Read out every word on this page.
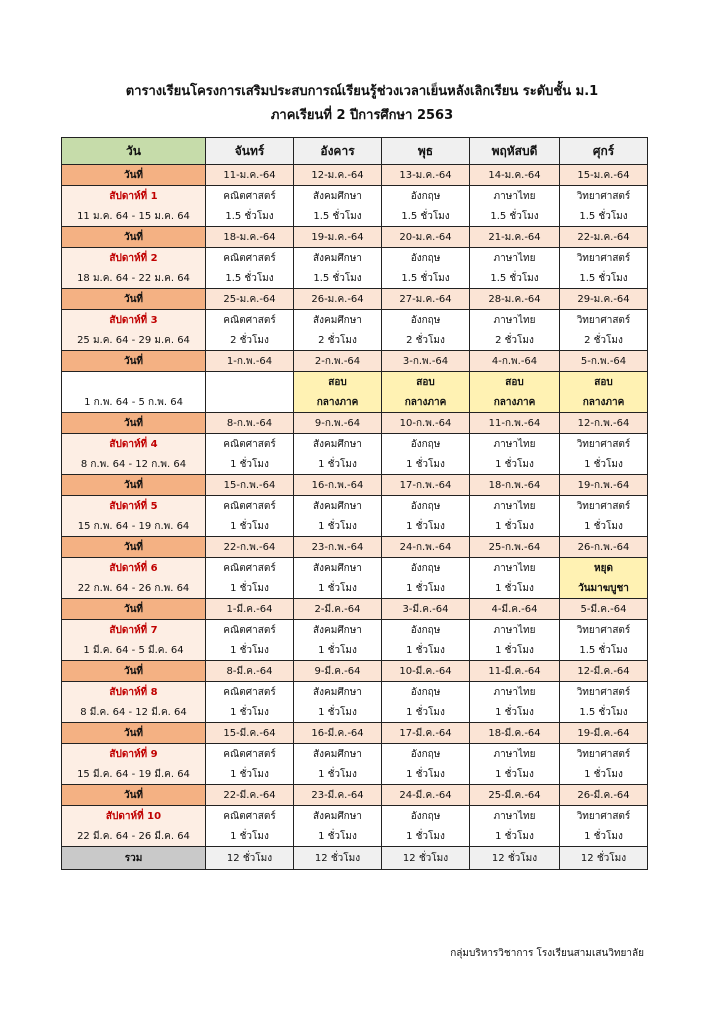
ตารางเรียนโครงการเสริมประสบการณ์เรียนรู้ช่วงเวลาเย็นหลังเลิกเรียน ระดับชั้น ม.1
ภาคเรียนที่ 2 ปีการศึกษา 2563
วัน	จันทร์	อังคาร	พุธ	พฤหัสบดี	ศุกร์
วันที่	11-ม.ค.-64	12-ม.ค.-64	13-ม.ค.-64	14-ม.ค.-64	15-ม.ค.-64
สัปดาห์ที่ 1	คณิตศาสตร์	สังคมศึกษา	อังกฤษ	ภาษาไทย	วิทยาศาสตร์
11 ม.ค. 64 - 15 ม.ค. 64	1.5 ชั่วโมง	1.5 ชั่วโมง	1.5 ชั่วโมง	1.5 ชั่วโมง	1.5 ชั่วโมง
วันที่	18-ม.ค.-64	19-ม.ค.-64	20-ม.ค.-64	21-ม.ค.-64	22-ม.ค.-64
สัปดาห์ที่ 2	คณิตศาสตร์	สังคมศึกษา	อังกฤษ	ภาษาไทย	วิทยาศาสตร์
18 ม.ค. 64 - 22 ม.ค. 64	1.5 ชั่วโมง	1.5 ชั่วโมง	1.5 ชั่วโมง	1.5 ชั่วโมง	1.5 ชั่วโมง
วันที่	25-ม.ค.-64	26-ม.ค.-64	27-ม.ค.-64	28-ม.ค.-64	29-ม.ค.-64
สัปดาห์ที่ 3	คณิตศาสตร์	สังคมศึกษา	อังกฤษ	ภาษาไทย	วิทยาศาสตร์
25 ม.ค. 64 - 29 ม.ค. 64	2 ชั่วโมง	2 ชั่วโมง	2 ชั่วโมง	2 ชั่วโมง	2 ชั่วโมง
วันที่	1-ก.พ.-64	2-ก.พ.-64	3-ก.พ.-64	4-ก.พ.-64	5-ก.พ.-64
		สอบ	สอบ	สอบ	สอบ
1 ก.พ. 64 - 5 ก.พ. 64		กลางภาค	กลางภาค	กลางภาค	กลางภาค
วันที่	8-ก.พ.-64	9-ก.พ.-64	10-ก.พ.-64	11-ก.พ.-64	12-ก.พ.-64
สัปดาห์ที่ 4	คณิตศาสตร์	สังคมศึกษา	อังกฤษ	ภาษาไทย	วิทยาศาสตร์
8 ก.พ. 64 - 12 ก.พ. 64	1 ชั่วโมง	1 ชั่วโมง	1 ชั่วโมง	1 ชั่วโมง	1 ชั่วโมง
วันที่	15-ก.พ.-64	16-ก.พ.-64	17-ก.พ.-64	18-ก.พ.-64	19-ก.พ.-64
สัปดาห์ที่ 5	คณิตศาสตร์	สังคมศึกษา	อังกฤษ	ภาษาไทย	วิทยาศาสตร์
15 ก.พ. 64 - 19 ก.พ. 64	1 ชั่วโมง	1 ชั่วโมง	1 ชั่วโมง	1 ชั่วโมง	1 ชั่วโมง
วันที่	22-ก.พ.-64	23-ก.พ.-64	24-ก.พ.-64	25-ก.พ.-64	26-ก.พ.-64
สัปดาห์ที่ 6	คณิตศาสตร์	สังคมศึกษา	อังกฤษ	ภาษาไทย	หยุด
22 ก.พ. 64 - 26 ก.พ. 64	1 ชั่วโมง	1 ชั่วโมง	1 ชั่วโมง	1 ชั่วโมง	วันมาฆบูชา
วันที่	1-มี.ค.-64	2-มี.ค.-64	3-มี.ค.-64	4-มี.ค.-64	5-มี.ค.-64
สัปดาห์ที่ 7	คณิตศาสตร์	สังคมศึกษา	อังกฤษ	ภาษาไทย	วิทยาศาสตร์
1 มี.ค. 64 - 5 มี.ค. 64	1 ชั่วโมง	1 ชั่วโมง	1 ชั่วโมง	1 ชั่วโมง	1.5 ชั่วโมง
วันที่	8-มี.ค.-64	9-มี.ค.-64	10-มี.ค.-64	11-มี.ค.-64	12-มี.ค.-64
สัปดาห์ที่ 8	คณิตศาสตร์	สังคมศึกษา	อังกฤษ	ภาษาไทย	วิทยาศาสตร์
8 มี.ค. 64 - 12 มี.ค. 64	1 ชั่วโมง	1 ชั่วโมง	1 ชั่วโมง	1 ชั่วโมง	1.5 ชั่วโมง
วันที่	15-มี.ค.-64	16-มี.ค.-64	17-มี.ค.-64	18-มี.ค.-64	19-มี.ค.-64
สัปดาห์ที่ 9	คณิตศาสตร์	สังคมศึกษา	อังกฤษ	ภาษาไทย	วิทยาศาสตร์
15 มี.ค. 64 - 19 มี.ค. 64	1 ชั่วโมง	1 ชั่วโมง	1 ชั่วโมง	1 ชั่วโมง	1 ชั่วโมง
วันที่	22-มี.ค.-64	23-มี.ค.-64	24-มี.ค.-64	25-มี.ค.-64	26-มี.ค.-64
สัปดาห์ที่ 10	คณิตศาสตร์	สังคมศึกษา	อังกฤษ	ภาษาไทย	วิทยาศาสตร์
22 มี.ค. 64 - 26 มี.ค. 64	1 ชั่วโมง	1 ชั่วโมง	1 ชั่วโมง	1 ชั่วโมง	1 ชั่วโมง
รวม	12 ชั่วโมง	12 ชั่วโมง	12 ชั่วโมง	12 ชั่วโมง	12 ชั่วโมง
กลุ่มบริหารวิชาการ โรงเรียนสามเสนวิทยาลัย
